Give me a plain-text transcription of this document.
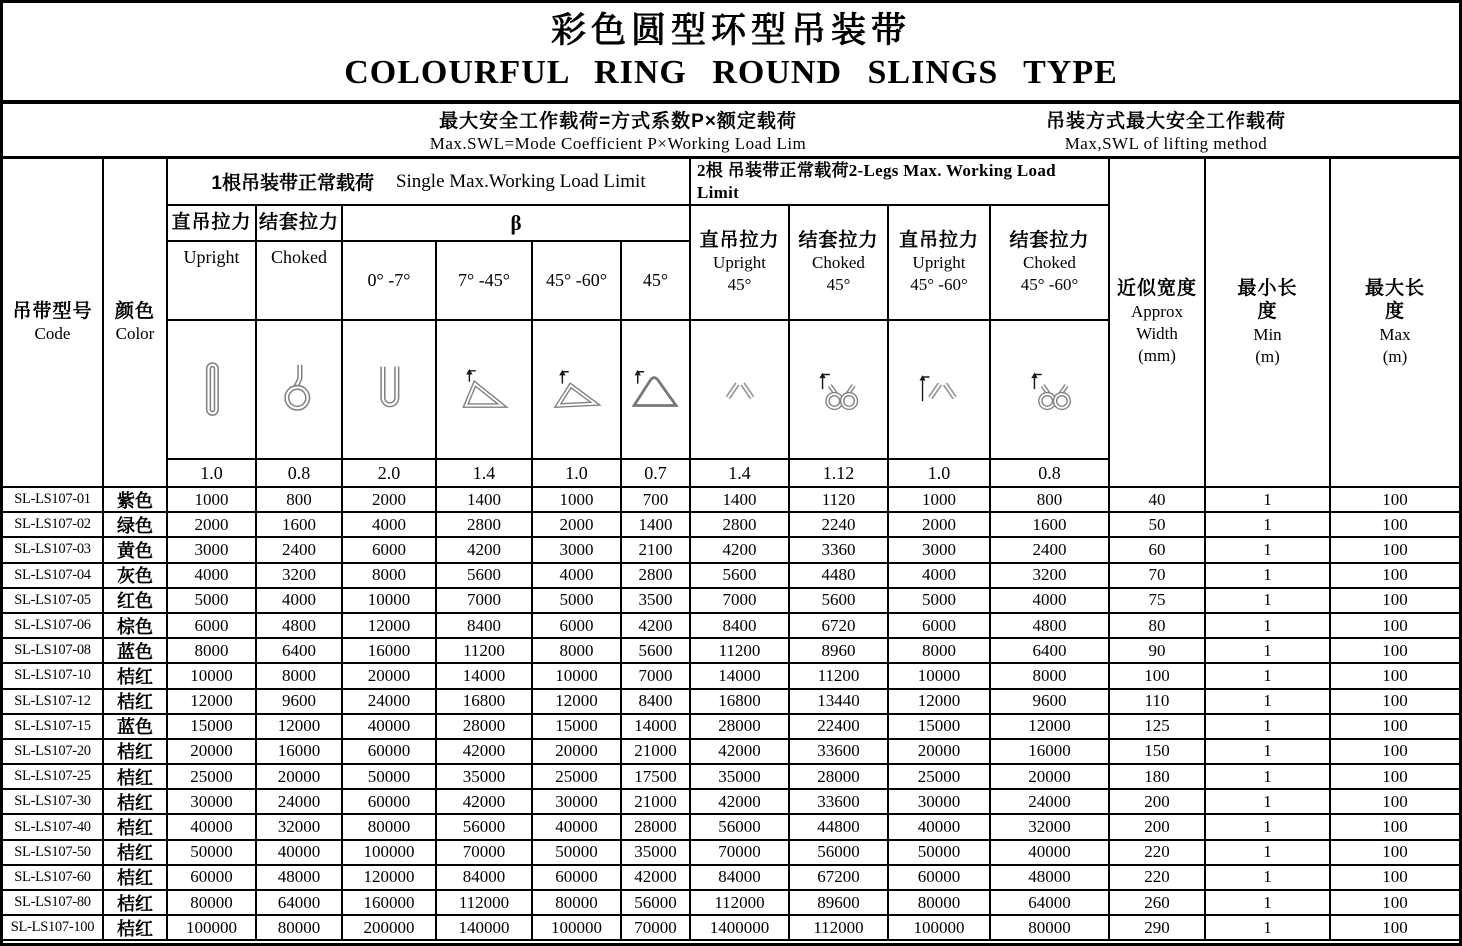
彩色圆型环型吊装带
COLOURFUL RING ROUND SLINGS TYPE
最大安全工作载荷=方式系数P×额定载荷
Max.SWL=Mode Coefficient P×Working Load Lim
吊装方式最大安全工作载荷
Max,SWL of lifting method
吊带型号
Code
颜色
Color
1根吊装带正常载荷 Single Max.Working Load Limit	2根 吊装带正常载荷2-Legs Max. Working Load
Limit
直吊拉力 结套拉力	β
Upright Choked
0° -7°	7° -45° 45° -60° 45°
直吊拉力
Upright
45°
结套拉力
Choked
45°
直吊拉力
Upright
45° -60°
结套拉力
Choked
45° -60° 近似宽度
Approx
Width
(mm)
最小长
度
Min
(m)
最大长
度
Max
(m)
1.0	0.8	2.0	1.4	1.0	0.7	1.4	1.12	1.0	0.8
SL-LS107-01	紫色	1000	800	2000	1400	1000	700	1400	1120	1000	800	40	1	100
SL-LS107-02	绿色	2000	1600	4000	2800	2000	1400	2800	2240	2000	1600	50	1	100
SL-LS107-03	黄色	3000	2400	6000	4200	3000	2100	4200	3360	3000	2400	60	1	100
SL-LS107-04	灰色	4000	3200	8000	5600	4000	2800	5600	4480	4000	3200	70	1	100
SL-LS107-05	红色	5000	4000	10000	7000	5000	3500	7000	5600	5000	4000	75	1	100
SL-LS107-06	棕色	6000	4800	12000	8400	6000	4200	8400	6720	6000	4800	80	1	100
SL-LS107-08	蓝色	8000	6400	16000	11200	8000	5600	11200	8960	8000	6400	90	1	100
SL-LS107-10	桔红	10000	8000	20000	14000	10000	7000	14000	11200	10000	8000	100	1	100
SL-LS107-12	桔红	12000	9600	24000	16800	12000	8400	16800	13440	12000	9600	110	1	100
SL-LS107-15	蓝色	15000	12000	40000	28000	15000	14000	28000	22400	15000	12000	125	1	100
SL-LS107-20	桔红	20000	16000	60000	42000	20000	21000	42000	33600	20000	16000	150	1	100
SL-LS107-25	桔红	25000	20000	50000	35000	25000	17500	35000	28000	25000	20000	180	1	100
SL-LS107-30	桔红	30000	24000	60000	42000	30000	21000	42000	33600	30000	24000	200	1	100
SL-LS107-40	桔红	40000	32000	80000	56000	40000	28000	56000	44800	40000	32000	200	1	100
SL-LS107-50	桔红	50000	40000	100000	70000	50000	35000	70000	56000	50000	40000	220	1	100
SL-LS107-60	桔红	60000	48000	120000	84000	60000	42000	84000	67200	60000	48000	220	1	100
SL-LS107-80	桔红	80000	64000	160000	112000	80000	56000	112000	89600	80000	64000	260	1	100
SL-LS107-100	桔红	100000	80000	200000	140000	100000	70000	1400000	112000	100000	80000	290	1	100
